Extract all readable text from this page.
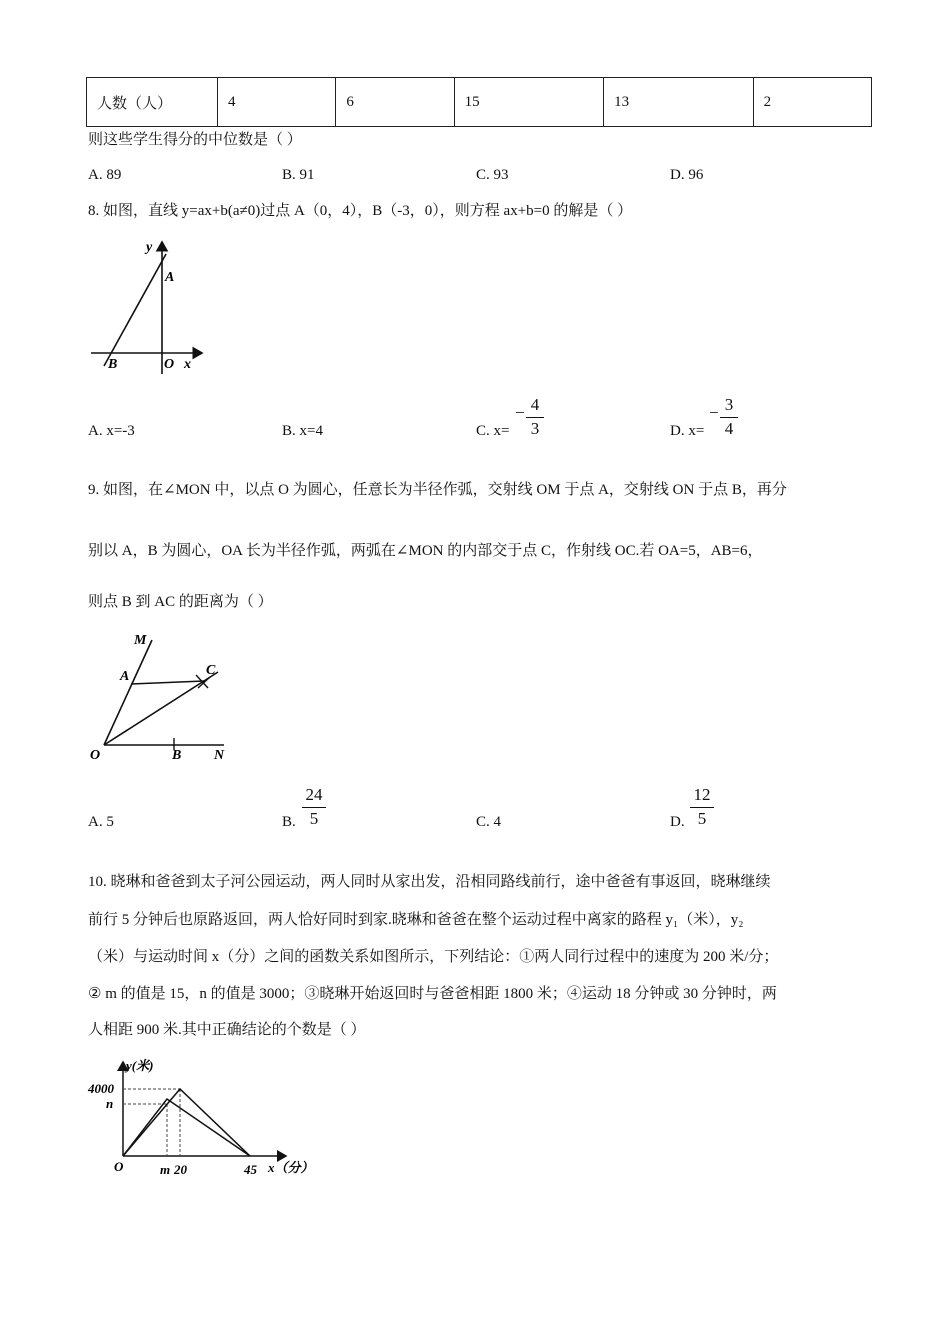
人数（人）	4	6	15	13	2
则这些学生得分的中位数是（ ）
A. 89	B. 91	C. 93	D. 96
8. 如图，直线 y=ax+b(a≠0)过点 A（0，4），B（-3，0），则方程 ax+b=0 的解是（ ）
y
A
B	O x
A. x=-3	B. x=4	C. x=
− 4
3	D. x=
− 3
4
9. 如图，在∠MON 中，以点 O 为圆心，任意长为半径作弧，交射线 OM 于点 A，交射线 ON 于点 B，再分
别以 A，B 为圆心，OA 长为半径作弧，两弧在∠MON 的内部交于点 C，作射线 OC.若 OA=5，AB=6，
则点 B 到 AC 的距离为（ ）
M
A	C
O	B N
A. 5	B.
24
5	C. 4	D.
12
5
10. 晓琳和爸爸到太子河公园运动，两人同时从家出发，沿相同路线前行，途中爸爸有事返回，晓琳继续
前行 5 分钟后也原路返回，两人恰好同时到家.晓琳和爸爸在整个运动过程中离家的路程 y₁（米），y₂
（米）与运动时间 x（分）之间的函数关系如图所示，下列结论：①两人同行过程中的速度为 200 米/分；
② m 的值是 15，n 的值是 3000；③晓琳开始返回时与爸爸相距 1800 米；④运动 18 分钟或 30 分钟时，两
人相距 900 米.其中正确结论的个数是（ ）
y(米)
4000
n
O	m 20	45 x（分）
